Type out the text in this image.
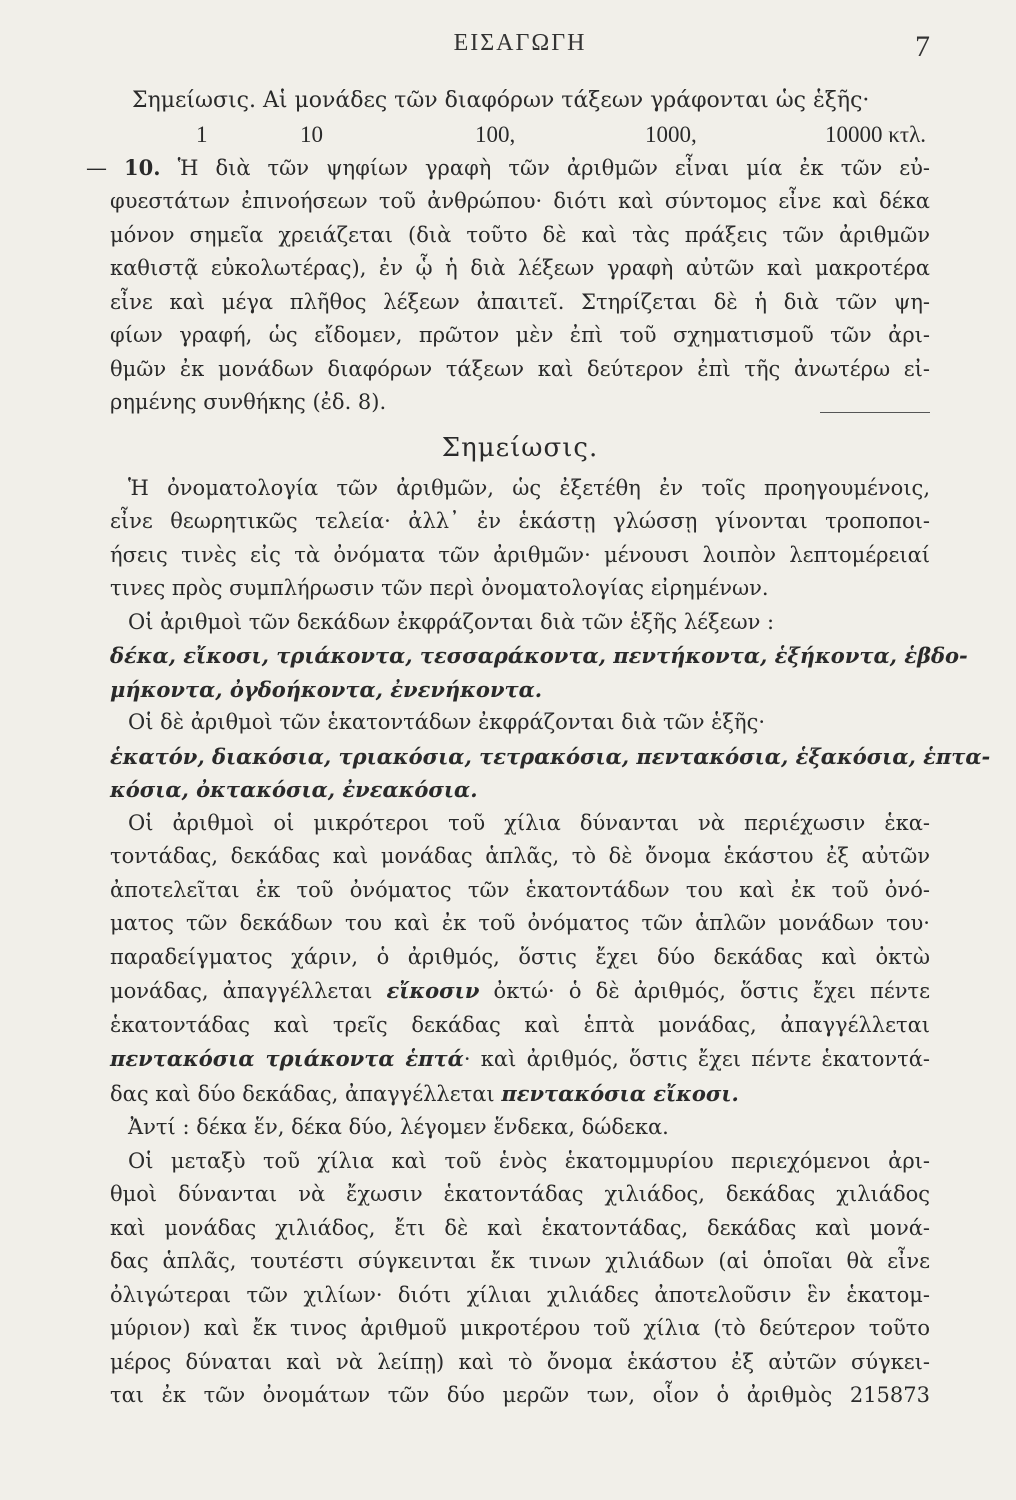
ΕΙΣΑΓΩΓΗ	7
Σημείωσις. Αἱ μονάδες τῶν διαφόρων τάξεων γράφονται ὡς ἑξῆς·
1	10	100,	1000,	10000 κτλ.
— 10. Ἡ διὰ τῶν ψηφίων γραφὴ τῶν ἀριθμῶν εἶναι μία ἐκ τῶν εὐ-
φυεστάτων ἐπινοήσεων τοῦ ἀνθρώπου· διότι καὶ σύντομος εἶνε καὶ δέκα
μόνον σημεῖα χρειάζεται (διὰ τοῦτο δὲ καὶ τὰς πράξεις τῶν ἀριθμῶν
καθιστᾷ εὐκολωτέρας), ἐν ᾧ ἡ διὰ λέξεων γραφὴ αὐτῶν καὶ μακροτέρα
εἶνε καὶ μέγα πλῆθος λέξεων ἀπαιτεῖ. Στηρίζεται δὲ ἡ διὰ τῶν ψη-
φίων γραφή, ὡς εἴδομεν, πρῶτον μὲν ἐπὶ τοῦ σχηματισμοῦ τῶν ἀρι-
θμῶν ἐκ μονάδων διαφόρων τάξεων καὶ δεύτερον ἐπὶ τῆς ἀνωτέρω εἰ-
ρημένης συνθήκης (ἐδ. 8).
Σημείωσις.
Ἡ ὀνοματολογία τῶν ἀριθμῶν, ὡς ἐξετέθη ἐν τοῖς προηγουμένοις,
εἶνε θεωρητικῶς τελεία· ἀλλ᾽ ἐν ἑκάστῃ γλώσσῃ γίνονται τροποποι-
ήσεις τινὲς εἰς τὰ ὀνόματα τῶν ἀριθμῶν· μένουσι λοιπὸν λεπτομέρειαί
τινες πρὸς συμπλήρωσιν τῶν περὶ ὀνοματολογίας εἰρημένων.
Οἱ ἀριθμοὶ τῶν δεκάδων ἐκφράζονται διὰ τῶν ἑξῆς λέξεων :
δέκα, εἴκοσι, τριάκοντα, τεσσαράκοντα, πεντήκοντα, ἑξήκοντα, ἑβδο-
μήκοντα, ὀγδοήκοντα, ἐνενήκοντα.
Οἱ δὲ ἀριθμοὶ τῶν ἑκατοντάδων ἐκφράζονται διὰ τῶν ἑξῆς·
ἑκατόν, διακόσια, τριακόσια, τετρακόσια, πεντακόσια, ἑξακόσια, ἑπτα-
κόσια, ὀκτακόσια, ἐνεακόσια.
Οἱ ἀριθμοὶ οἱ μικρότεροι τοῦ χίλια δύνανται νὰ περιέχωσιν ἑκα-
τοντάδας, δεκάδας καὶ μονάδας ἁπλᾶς, τὸ δὲ ὄνομα ἑκάστου ἐξ αὐτῶν
ἀποτελεῖται ἐκ τοῦ ὀνόματος τῶν ἑκατοντάδων του καὶ ἐκ τοῦ ὀνό-
ματος τῶν δεκάδων του καὶ ἐκ τοῦ ὀνόματος τῶν ἁπλῶν μονάδων του·
παραδείγματος χάριν, ὁ ἀριθμός, ὅστις ἔχει δύο δεκάδας καὶ ὀκτὼ
μονάδας, ἀπαγγέλλεται εἴκοσιν ὀκτώ· ὁ δὲ ἀριθμός, ὅστις ἔχει πέντε
ἑκατοντάδας καὶ τρεῖς δεκάδας καὶ ἑπτὰ μονάδας, ἀπαγγέλλεται
πεντακόσια τριάκοντα ἑπτά· καὶ ἀριθμός, ὅστις ἔχει πέντε ἑκατοντά-
δας καὶ δύο δεκάδας, ἀπαγγέλλεται πεντακόσια εἴκοσι.
Ἀντί : δέκα ἕν, δέκα δύο, λέγομεν ἕνδεκα, δώδεκα.
Οἱ μεταξὺ τοῦ χίλια καὶ τοῦ ἑνὸς ἑκατομμυρίου περιεχόμενοι ἀρι-
θμοὶ δύνανται νὰ ἔχωσιν ἑκατοντάδας χιλιάδος, δεκάδας χιλιάδος
καὶ μονάδας χιλιάδος, ἔτι δὲ καὶ ἑκατοντάδας, δεκάδας καὶ μονά-
δας ἁπλᾶς, τουτέστι σύγκεινται ἔκ τινων χιλιάδων (αἱ ὁποῖαι θὰ εἶνε
ὀλιγώτεραι τῶν χιλίων· διότι χίλιαι χιλιάδες ἀποτελοῦσιν ἓν ἑκατομ-
μύριον) καὶ ἔκ τινος ἀριθμοῦ μικροτέρου τοῦ χίλια (τὸ δεύτερον τοῦτο
μέρος δύναται καὶ νὰ λείπῃ) καὶ τὸ ὄνομα ἑκάστου ἐξ αὐτῶν σύγκει-
ται ἐκ τῶν ὀνομάτων τῶν δύο μερῶν των, οἷον ὁ ἀριθμὸς 215873
